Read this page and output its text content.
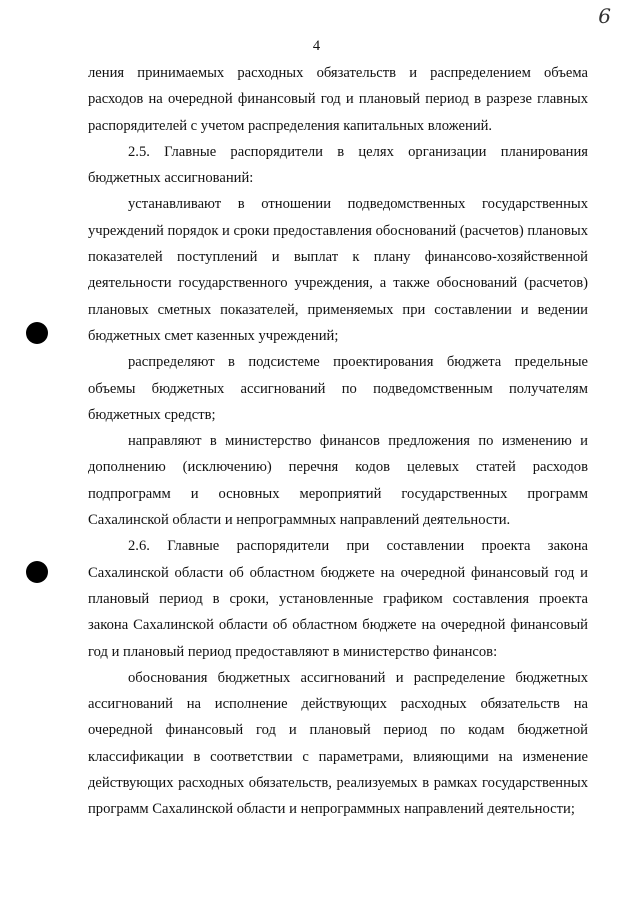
6
4

ления принимаемых расходных обязательств и распределением объема расходов на очередной финансовый год и плановый период в разрезе главных распорядителей с учетом распределения капитальных вложений.

2.5. Главные распорядители в целях организации планирования бюджетных ассигнований:

устанавливают в отношении подведомственных государственных учреждений порядок и сроки предоставления обоснований (расчетов) плановых показателей поступлений и выплат к плану финансово-хозяйственной деятельности государственного учреждения, а также обоснований (расчетов) плановых сметных показателей, применяемых при составлении и ведении бюджетных смет казенных учреждений;

распределяют в подсистеме проектирования бюджета предельные объемы бюджетных ассигнований по подведомственным получателям бюджетных средств;

направляют в министерство финансов предложения по изменению и дополнению (исключению) перечня кодов целевых статей расходов подпрограмм и основных мероприятий государственных программ Сахалинской области и непрограммных направлений деятельности.

2.6. Главные распорядители при составлении проекта закона Сахалинской области об областном бюджете на очередной финансовый год и плановый период в сроки, установленные графиком составления проекта закона Сахалинской области об областном бюджете на очередной финансовый год и плановый период предоставляют в министерство финансов:

обоснования бюджетных ассигнований и распределение бюджетных ассигнований на исполнение действующих расходных обязательств на очередной финансовый год и плановый период по кодам бюджетной классификации в соответствии с параметрами, влияющими на изменение действующих расходных обязательств, реализуемых в рамках государственных программ Сахалинской области и непрограммных направлений деятельности;
